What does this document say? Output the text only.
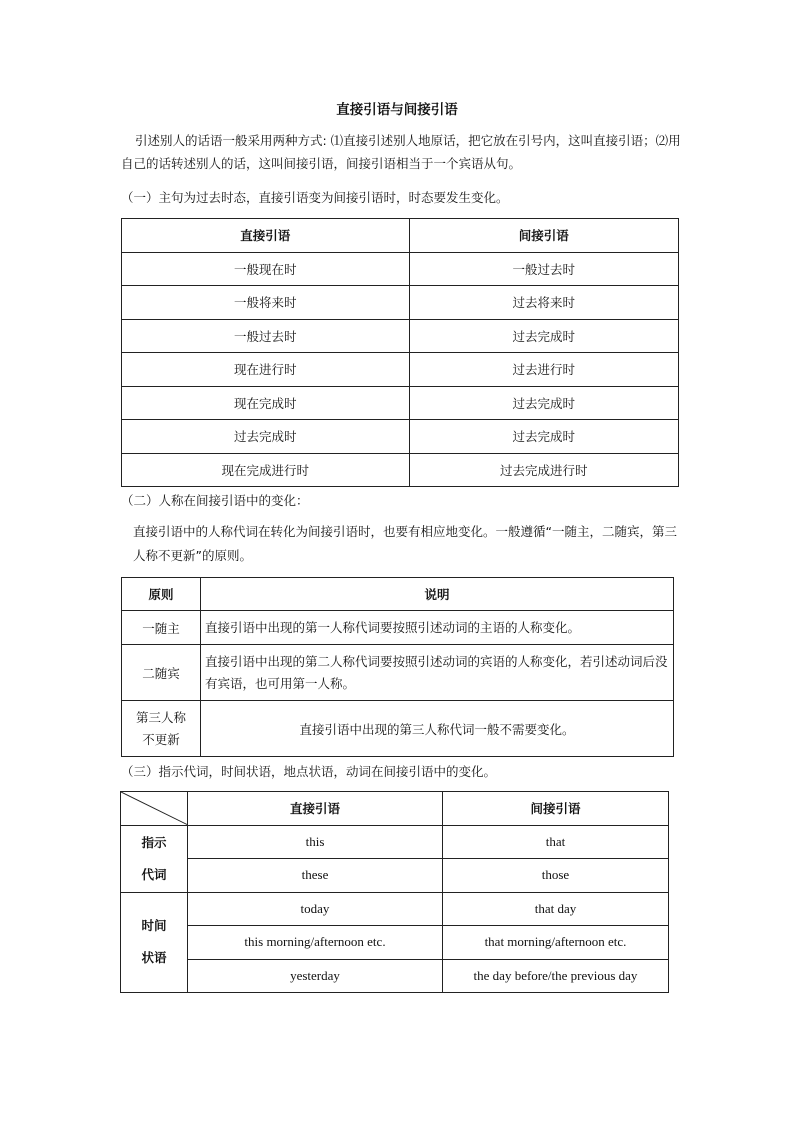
直接引语与间接引语
引述别人的话语一般采用两种方式: ⑴直接引述别人地原话，把它放在引号内，这叫直接引语；⑵用自己的话转述别人的话，这叫间接引语，间接引语相当于一个宾语从句。
（一）主句为过去时态，直接引语变为间接引语时，时态要发生变化。
直接引语	间接引语
一般现在时	一般过去时
一般将来时	过去将来时
一般过去时	过去完成时
现在进行时	过去进行时
现在完成时	过去完成时
过去完成时	过去完成时
现在完成进行时	过去完成进行时
（二）人称在间接引语中的变化：
直接引语中的人称代词在转化为间接引语时，也要有相应地变化。一般遵循“一随主，二随宾，第三人称不更新”的原则。
原则	说明
一随主	直接引语中出现的第一人称代词要按照引述动词的主语的人称变化。
二随宾	直接引语中出现的第二人称代词要按照引述动词的宾语的人称变化，若引述动词后没有宾语，也可用第一人称。
第三人称不更新	直接引语中出现的第三人称代词一般不需要变化。
（三）指示代词，时间状语，地点状语，动词在间接引语中的变化。
	直接引语	间接引语

指示
代词	this	that
	these	those

时间
状语	today	that day
	this morning/afternoon etc.	that morning/afternoon etc.
	yesterday	the day before/the previous day
